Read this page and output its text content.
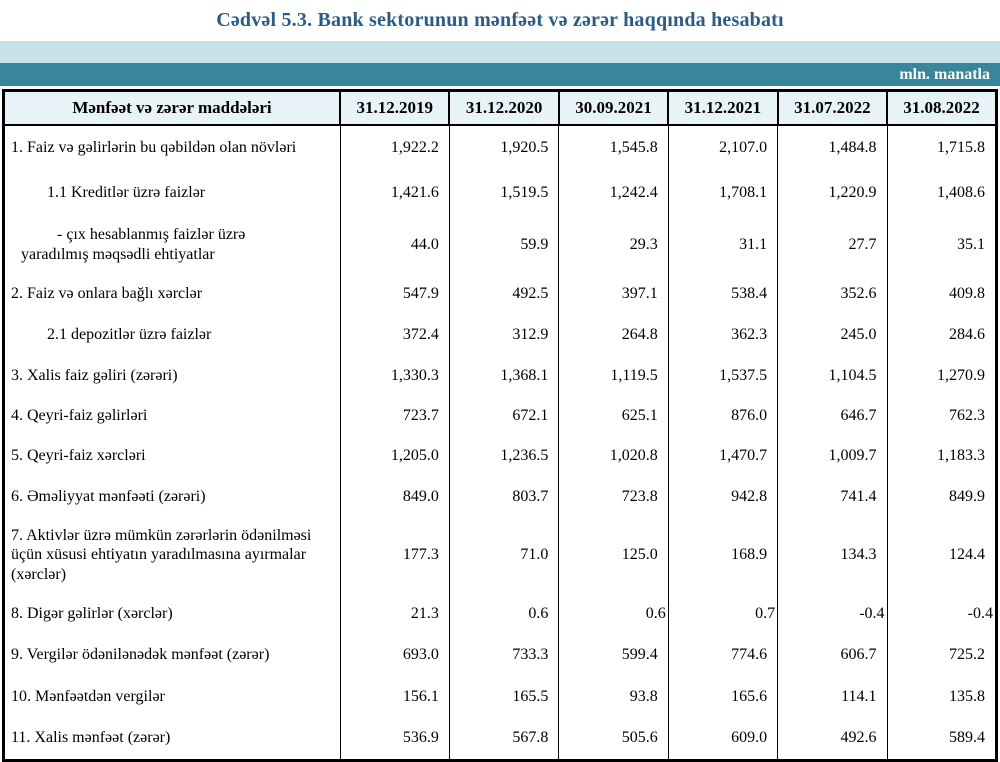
Cədvəl 5.3. Bank sektorunun mənfəət və zərər haqqında hesabatı
mln. manatla
Mənfəət və zərər maddələri	31.12.2019	31.12.2020	30.09.2021	31.12.2021	31.07.2022	31.08.2022
1. Faiz və gəlirlərin bu qəbildən olan növləri	1,922.2	1,920.5	1,545.8	2,107.0	1,484.8	1,715.8
1.1 Kreditlər üzrə faizlər	1,421.6	1,519.5	1,242.4	1,708.1	1,220.9	1,408.6

- çıx hesablanmış faizlər üzrə
yaradılmış məqsədli ehtiyatlar	44.0	59.9	29.3	31.1	27.7	35.1
2. Faiz və onlara bağlı xərclər	547.9	492.5	397.1	538.4	352.6	409.8
2.1 depozitlər üzrə faizlər	372.4	312.9	264.8	362.3	245.0	284.6
3. Xalis faiz gəliri (zərəri)	1,330.3	1,368.1	1,119.5	1,537.5	1,104.5	1,270.9
4. Qeyri-faiz gəlirləri	723.7	672.1	625.1	876.0	646.7	762.3
5. Qeyri-faiz xərcləri	1,205.0	1,236.5	1,020.8	1,470.7	1,009.7	1,183.3
6. Əməliyyat mənfəəti (zərəri)	849.0	803.7	723.8	942.8	741.4	849.9
7. Aktivlər üzrə mümkün zərərlərin ödənilməsi üçün xüsusi ehtiyatın yaradılmasına ayırmalar (xərclər)	177.3	71.0	125.0	168.9	134.3	124.4
8. Digər gəlirlər (xərclər)	21.3	0.6	0.6	0.7	-0.4	-0.4
9. Vergilər ödənilənədək mənfəət (zərər)	693.0	733.3	599.4	774.6	606.7	725.2
10. Mənfəətdən vergilər	156.1	165.5	93.8	165.6	114.1	135.8
11. Xalis mənfəət (zərər)	536.9	567.8	505.6	609.0	492.6	589.4
